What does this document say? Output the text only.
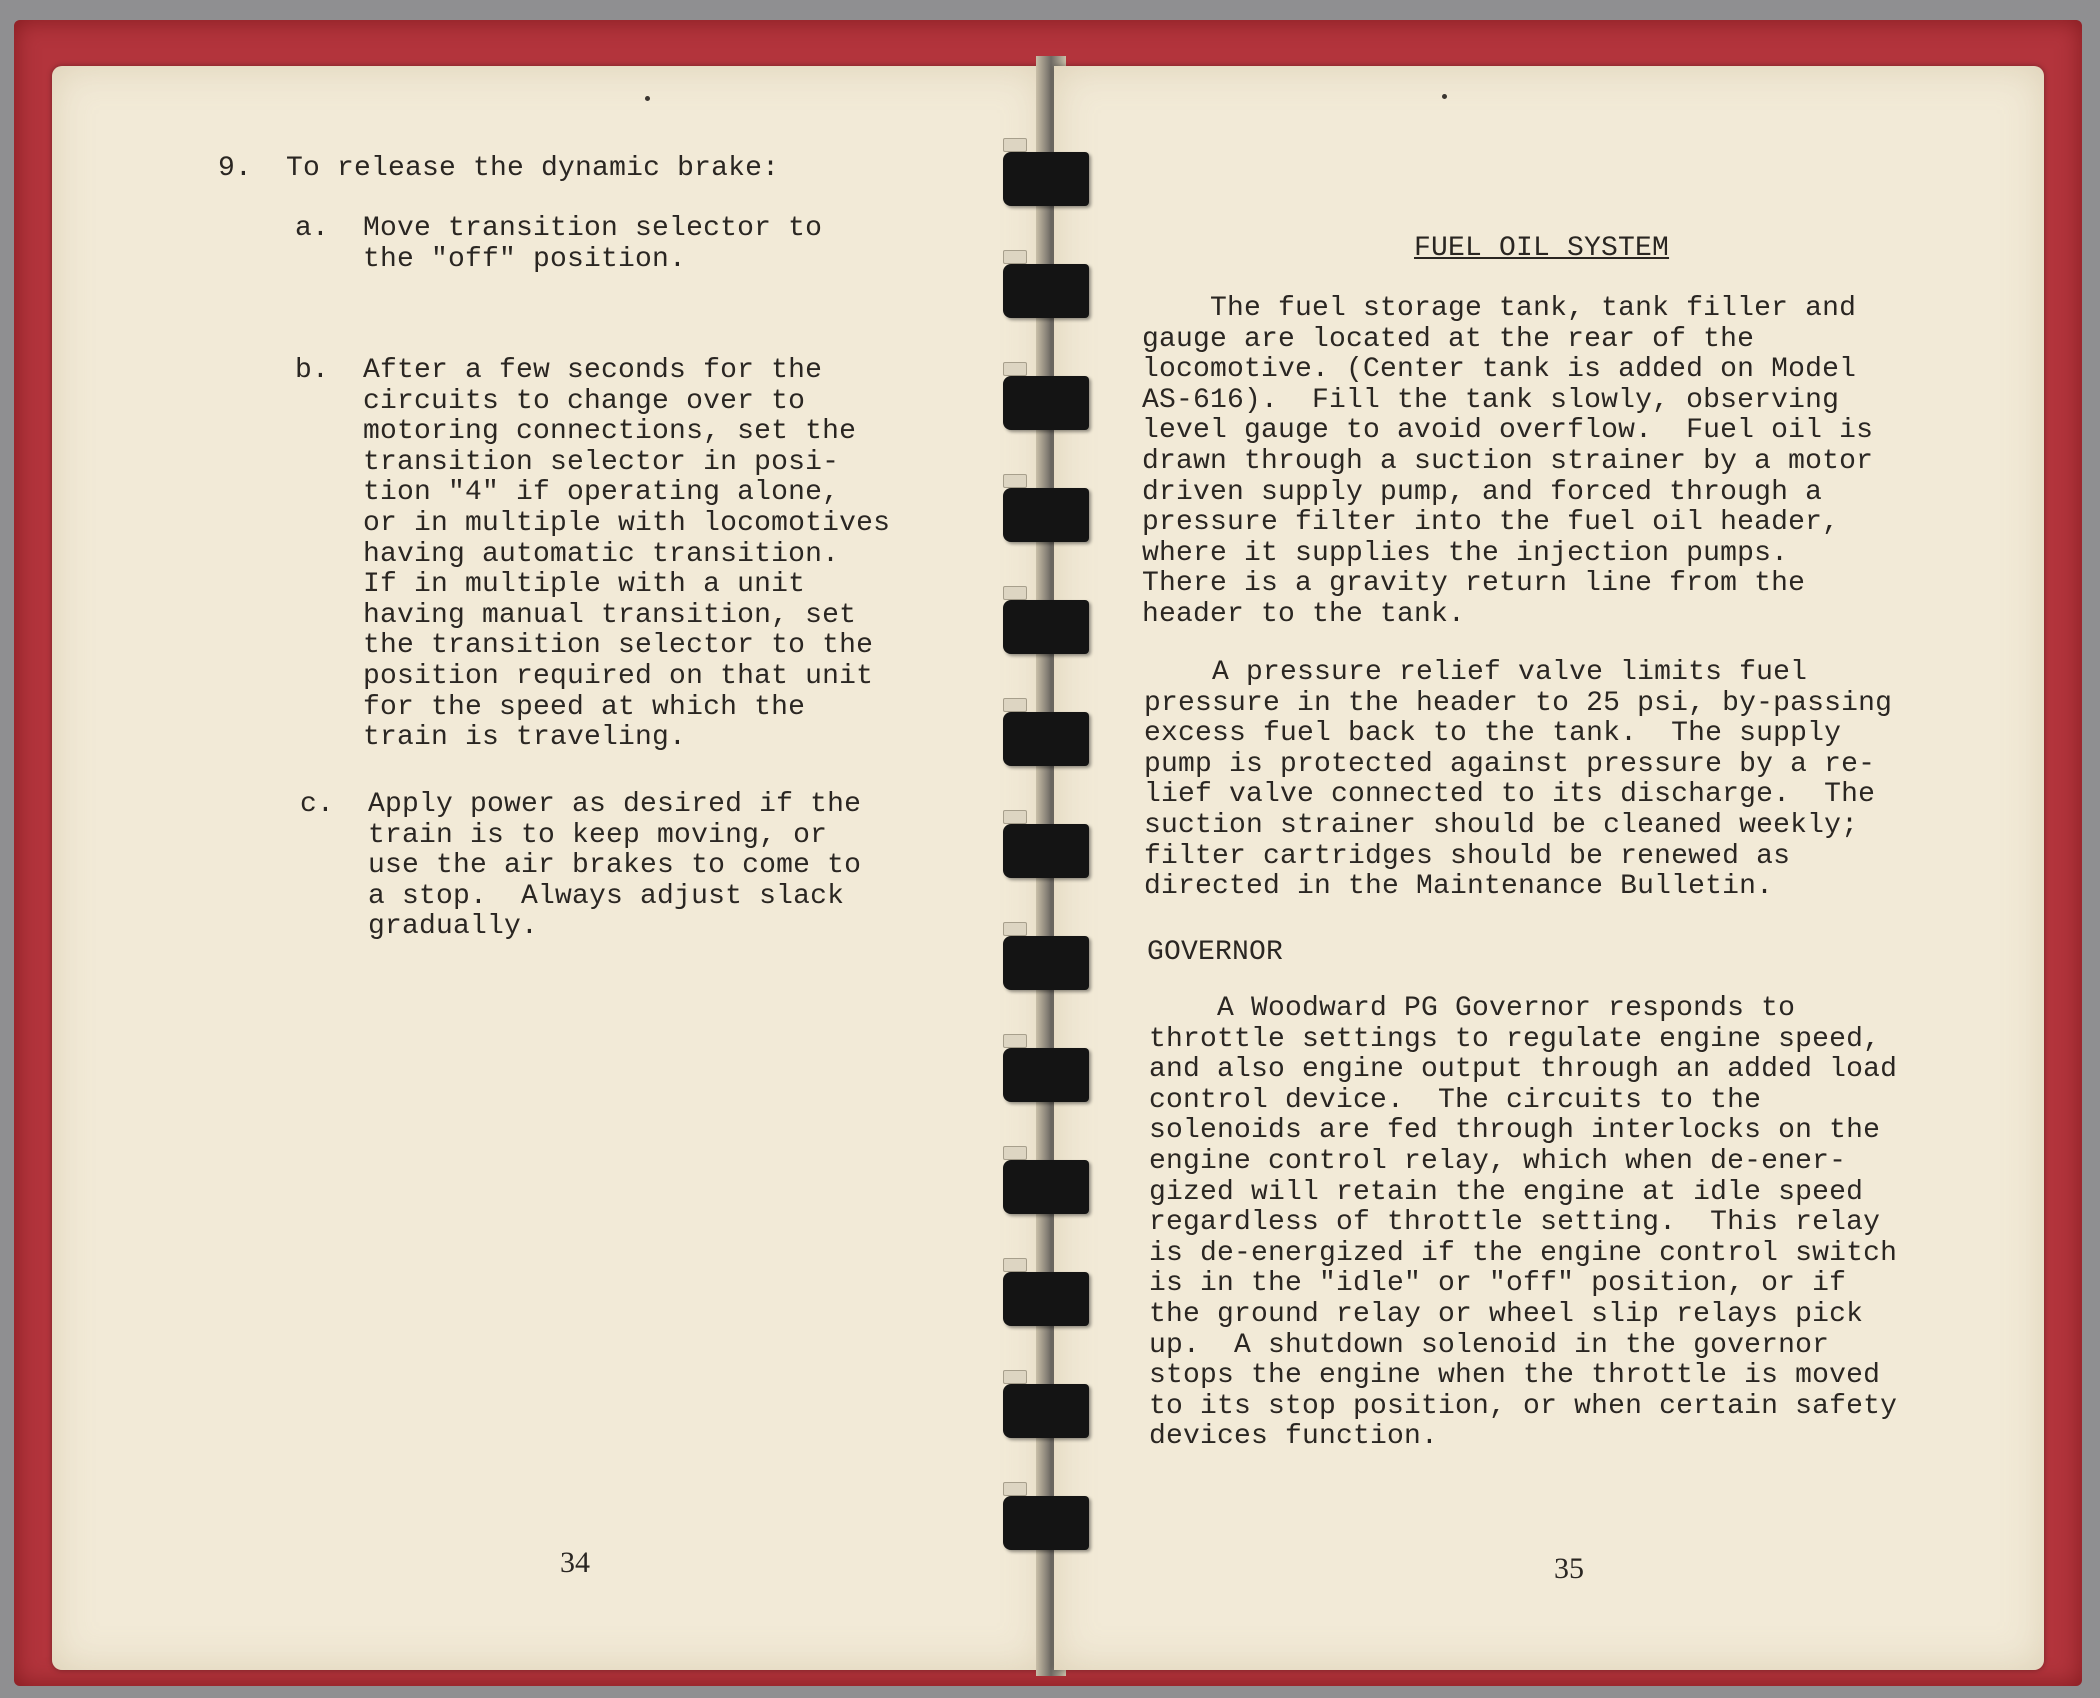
9.  To release the dynamic brake:
a.  Move transition selector to
the "off" position.
b.  After a few seconds for the
circuits to change over to
motoring connections, set the
transition selector in posi-
tion "4" if operating alone,
or in multiple with locomotives
having automatic transition.
If in multiple with a unit
having manual transition, set
the transition selector to the
position required on that unit
for the speed at which the
train is traveling.
c.  Apply power as desired if the
train is to keep moving, or
use the air brakes to come to
a stop.  Always adjust slack
gradually.
34
FUEL OIL SYSTEM
The fuel storage tank, tank filler and
gauge are located at the rear of the
locomotive. (Center tank is added on Model
AS-616).  Fill the tank slowly, observing
level gauge to avoid overflow.  Fuel oil is
drawn through a suction strainer by a motor
driven supply pump, and forced through a
pressure filter into the fuel oil header,
where it supplies the injection pumps.
There is a gravity return line from the
header to the tank.
A pressure relief valve limits fuel
pressure in the header to 25 psi, by-passing
excess fuel back to the tank.  The supply
pump is protected against pressure by a re-
lief valve connected to its discharge.  The
suction strainer should be cleaned weekly;
filter cartridges should be renewed as
directed in the Maintenance Bulletin.
GOVERNOR
A Woodward PG Governor responds to
throttle settings to regulate engine speed,
and also engine output through an added load
control device.  The circuits to the
solenoids are fed through interlocks on the
engine control relay, which when de-ener-
gized will retain the engine at idle speed
regardless of throttle setting.  This relay
is de-energized if the engine control switch
is in the "idle" or "off" position, or if
the ground relay or wheel slip relays pick
up.  A shutdown solenoid in the governor
stops the engine when the throttle is moved
to its stop position, or when certain safety
devices function.
35
